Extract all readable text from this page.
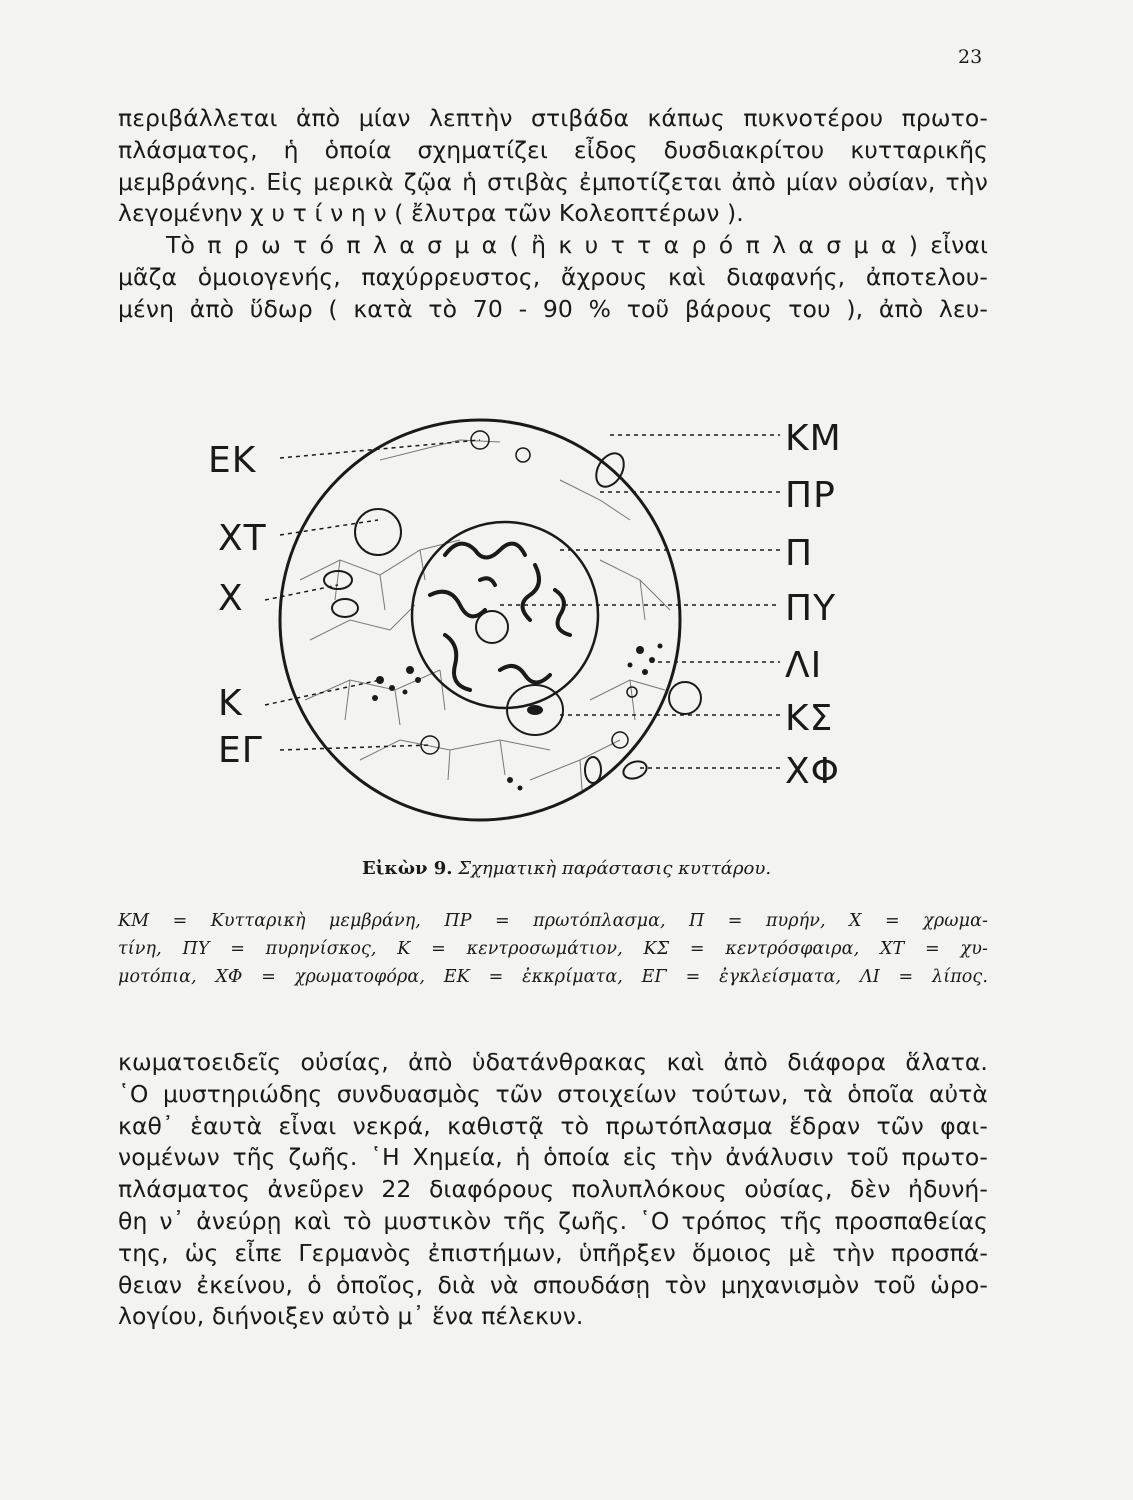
23
περιβάλλεται ἀπὸ μίαν λεπτὴν στιβάδα κάπως πυκνοτέρου πρωτο-
πλάσματος, ἡ ὁποία σχηματίζει εἶδος δυσδιακρίτου κυτταρικῆς
μεμβράνης. Εἰς μερικὰ ζῷα ἡ στιβὰς ἐμποτίζεται ἀπὸ μίαν οὐσίαν, τὴν
λεγομένην χ υ τ ί ν η ν ( ἔλυτρα τῶν Κολεοπτέρων ).
Τὸ π ρ ω τ ό π λ α σ μ α ( ἢ κ υ τ τ α ρ ό π λ α σ μ α ) εἶναι
μᾶζα ὁμοιογενής, παχύρρευστος, ἄχρους καὶ διαφανής, ἀποτελου-
μένη ἀπὸ ὕδωρ ( κατὰ τὸ 70 - 90 % τοῦ βάρους του ), ἀπὸ λευ-
ΕΚ
ΧΤ
Χ
Κ
ΕΓ
ΚΜ
ΠΡ
Π
ΠΥ
ΛΙ
ΚΣ
ΧΦ
Εἰκὼν 9. Σχηματικὴ παράστασις κυττάρου.
ΚΜ = Κυτταρικὴ μεμβράνη, ΠΡ = πρωτόπλασμα, Π = πυρήν, Χ = χρωμα-
τίνη, ΠΥ = πυρηνίσκος, Κ = κεντροσωμάτιον, ΚΣ = κεντρόσφαιρα, ΧΤ = χυ-
μοτόπια, ΧΦ = χρωματοφόρα, ΕΚ = ἐκκρίματα, ΕΓ = ἐγκλείσματα, ΛΙ = λίπος.
κωματοειδεῖς οὐσίας, ἀπὸ ὑδατάνθρακας καὶ ἀπὸ διάφορα ἅλατα.
῾Ο μυστηριώδης συνδυασμὸς τῶν στοιχείων τούτων, τὰ ὁποῖα αὐτὰ
καθ᾿ ἑαυτὰ εἶναι νεκρά, καθιστᾷ τὸ πρωτόπλασμα ἕδραν τῶν φαι-
νομένων τῆς ζωῆς. ῾Η Χημεία, ἡ ὁποία εἰς τὴν ἀνάλυσιν τοῦ πρωτο-
πλάσματος ἀνεῦρεν 22 διαφόρους πολυπλόκους οὐσίας, δὲν ἠδυνή-
θη ν᾿ ἀνεύρῃ καὶ τὸ μυστικὸν τῆς ζωῆς. ῾Ο τρόπος τῆς προσπαθείας
της, ὡς εἶπε Γερμανὸς ἐπιστήμων, ὑπῆρξεν ὅμοιος μὲ τὴν προσπά-
θειαν ἐκείνου, ὁ ὁποῖος, διὰ νὰ σπουδάσῃ τὸν μηχανισμὸν τοῦ ὡρο-
λογίου, διήνοιξεν αὐτὸ μ᾿ ἕνα πέλεκυν.
